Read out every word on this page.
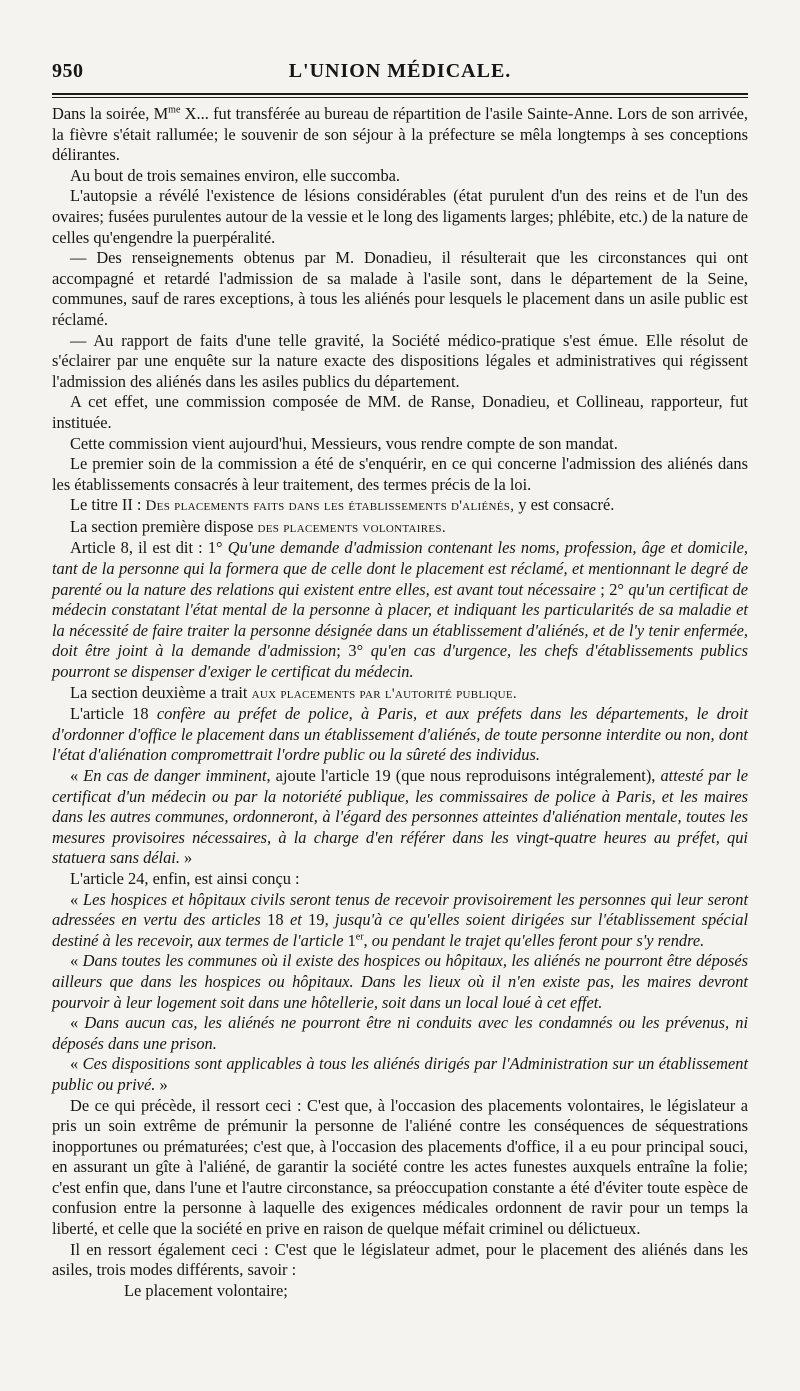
950	L'UNION MÉDICALE.

Dans la soirée, $M^{me}$ X... fut transférée au bureau de répartition de l'asile Sainte-Anne. Lors de son arrivée, la fièvre s'était rallumée; le souvenir de son séjour à la préfecture se mêla longtemps à ses conceptions délirantes.

Au bout de trois semaines environ, elle succomba.

L'autopsie a révélé l'existence de lésions considérables (état purulent d'un des reins et de l'un des ovaires; fusées purulentes autour de la vessie et le long des ligaments larges; phlébite, etc.) de la nature de celles qu'engendre la puerpéralité.

— Des renseignements obtenus par M. Donadieu, il résulterait que les circonstances qui ont accompagné et retardé l'admission de sa malade à l'asile sont, dans le département de la Seine, communes, sauf de rares exceptions, à tous les aliénés pour lesquels le placement dans un asile public est réclamé.

— Au rapport de faits d'une telle gravité, la Société médico-pratique s'est émue. Elle résolut de s'éclairer par une enquête sur la nature exacte des dispositions légales et administratives qui régissent l'admission des aliénés dans les asiles publics du département.

A cet effet, une commission composée de MM. de Ranse, Donadieu, et Collineau, rapporteur, fut instituée.

Cette commission vient aujourd'hui, Messieurs, vous rendre compte de son mandat.

Le premier soin de la commission a été de s'enquérir, en ce qui concerne l'admission des aliénés dans les établissements consacrés à leur traitement, des termes précis de la loi.

Le titre II : Des placements faits dans les établissements d'aliénés, y est consacré.

La section première dispose des placements volontaires.

Article 8, il est dit : 1° Qu'une demande d'admission contenant les noms, profession, âge et domicile, tant de la personne qui la formera que de celle dont le placement est réclamé, et mentionnant le degré de parenté ou la nature des relations qui existent entre elles, est avant tout nécessaire ; 2° qu'un certificat de médecin constatant l'état mental de la personne à placer, et indiquant les particularités de sa maladie et la nécessité de faire traiter la personne désignée dans un établissement d'aliénés, et de l'y tenir enfermée, doit être joint à la demande d'admission; 3° qu'en cas d'urgence, les chefs d'établissements publics pourront se dispenser d'exiger le certificat du médecin.

La section deuxième a trait aux placements par l'autorité publique.

L'article 18 confère au préfet de police, à Paris, et aux préfets dans les départements, le droit d'ordonner d'office le placement dans un établissement d'aliénés, de toute personne interdite ou non, dont l'état d'aliénation compromettrait l'ordre public ou la sûreté des individus.

« En cas de danger imminent, ajoute l'article 19 (que nous reproduisons intégralement), attesté par le certificat d'un médecin ou par la notoriété publique, les commissaires de police à Paris, et les maires dans les autres communes, ordonneront, à l'égard des personnes atteintes d'aliénation mentale, toutes les mesures provisoires nécessaires, à la charge d'en référer dans les vingt-quatre heures au préfet, qui statuera sans délai. »

L'article 24, enfin, est ainsi conçu :

« Les hospices et hôpitaux civils seront tenus de recevoir provisoirement les personnes qui leur seront adressées en vertu des articles 18 et 19, jusqu'à ce qu'elles soient dirigées sur l'établissement spécial destiné à les recevoir, aux termes de l'article 1er, ou pendant le trajet qu'elles feront pour s'y rendre.

« Dans toutes les communes où il existe des hospices ou hôpitaux, les aliénés ne pourront être déposés ailleurs que dans les hospices ou hôpitaux. Dans les lieux où il n'en existe pas, les maires devront pourvoir à leur logement soit dans une hôtellerie, soit dans un local loué à cet effet.

« Dans aucun cas, les aliénés ne pourront être ni conduits avec les condamnés ou les prévenus, ni déposés dans une prison.

« Ces dispositions sont applicables à tous les aliénés dirigés par l'Administration sur un établissement public ou privé. »

De ce qui précède, il ressort ceci : C'est que, à l'occasion des placements volontaires, le législateur a pris un soin extrême de prémunir la personne de l'aliéné contre les conséquences de séquestrations inopportunes ou prématurées; c'est que, à l'occasion des placements d'office, il a eu pour principal souci, en assurant un gîte à l'aliéné, de garantir la société contre les actes funestes auxquels entraîne la folie; c'est enfin que, dans l'une et l'autre circonstance, sa préoccupation constante a été d'éviter toute espèce de confusion entre la personne à laquelle des exigences médicales ordonnent de ravir pour un temps la liberté, et celle que la société en prive en raison de quelque méfait criminel ou délictueux.

Il en ressort également ceci : C'est que le législateur admet, pour le placement des aliénés dans les asiles, trois modes différents, savoir :

Le placement volontaire;
